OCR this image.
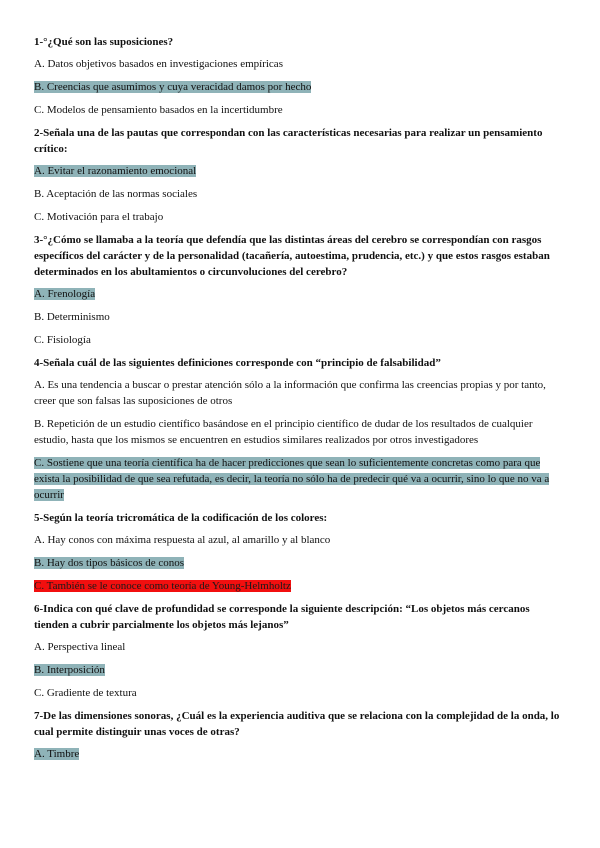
1-°¿Qué son las suposiciones?

A. Datos objetivos basados en investigaciones empíricas

B. Creencias que asumimos y cuya veracidad damos por hecho

C. Modelos de pensamiento basados en la incertidumbre

2-Señala una de las pautas que correspondan con las características necesarias para realizar un pensamiento crítico:

A. Evitar el razonamiento emocional

B. Aceptación de las normas sociales

C. Motivación para el trabajo

3-°¿Cómo se llamaba a la teoría que defendía que las distintas áreas del cerebro se correspondían con rasgos específicos del carácter y de la personalidad (tacañería, autoestima, prudencia, etc.) y que estos rasgos estaban determinados en los abultamientos o circunvoluciones del cerebro?

A. Frenología

B. Determinismo

C. Fisiología

4-Señala cuál de las siguientes definiciones corresponde con “principio de falsabilidad”

A. Es una tendencia a buscar o prestar atención sólo a la información que confirma las creencias propias y por tanto, creer que son falsas las suposiciones de otros

B. Repetición de un estudio científico basándose en el principio científico de dudar de los resultados de cualquier estudio, hasta que los mismos se encuentren en estudios similares realizados por otros investigadores

C. Sostiene que una teoría científica ha de hacer predicciones que sean lo suficientemente concretas como para que exista la posibilidad de que sea refutada, es decir, la teoría no sólo ha de predecir qué va a ocurrir, sino lo que no va a ocurrir

5-Según la teoría tricromática de la codificación de los colores:

A. Hay conos con máxima respuesta al azul, al amarillo y al blanco

B. Hay dos tipos básicos de conos

C. También se le conoce como teoría de Young-Helmholtz

6-Indica con qué clave de profundidad se corresponde la siguiente descripción: “Los objetos más cercanos tienden a cubrir parcialmente los objetos más lejanos”

A. Perspectiva lineal

B. Interposición

C. Gradiente de textura

7-De las dimensiones sonoras, ¿Cuál es la experiencia auditiva que se relaciona con la complejidad de la onda, lo cual permite distinguir unas voces de otras?

A. Timbre
